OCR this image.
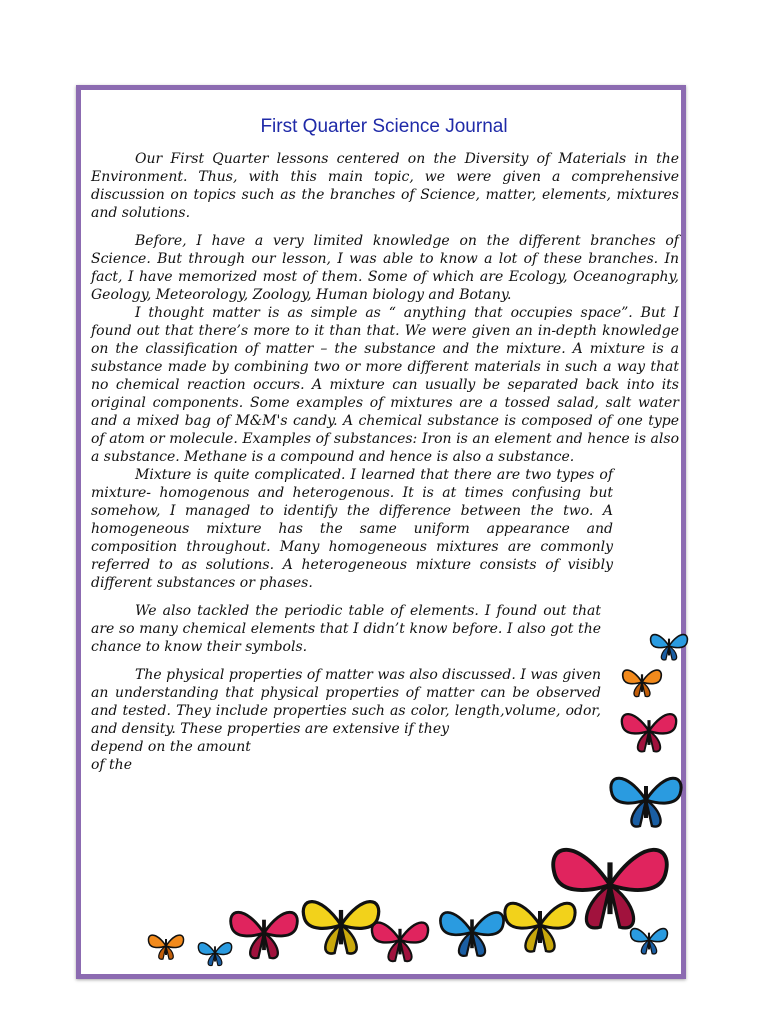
First Quarter Science Journal

Our First Quarter lessons centered on the Diversity of Materials in the Environment. Thus, with this main topic, we were given a comprehensive discussion on topics such as the branches of Science, matter, elements, mixtures and solutions.

Before, I have a very limited knowledge on the different branches of Science. But through our lesson, I was able to know a lot of these branches. In fact, I have memorized most of them. Some of which are Ecology, Oceanography, Geology, Meteorology, Zoology, Human biology and Botany.

I thought matter is as simple as “ anything that occupies space”. But I found out that there’s more to it than that. We were given an in-depth knowledge on the classification of matter – the substance and the mixture. A mixture is a substance made by combining two or more different materials in such a way that no chemical reaction occurs. A mixture can usually be separated back into its original components. Some examples of mixtures are a tossed salad, salt water and a mixed bag of M&M's candy. A chemical substance is composed of one type of atom or molecule. Examples of substances: Iron is an element and hence is also a substance. Methane is a compound and hence is also a substance.

Mixture is quite complicated. I learned that there are two types of mixture- homogenous and heterogenous. It is at times confusing but somehow, I managed to identify the difference between the two. A homogeneous mixture has the same uniform appearance and composition throughout. Many homogeneous mixtures are commonly referred to as solutions. A heterogeneous mixture consists of visibly different substances or phases.

We also tackled the periodic table of elements. I found out that are so many chemical elements that I didn’t know before. I also got the chance to know their symbols.

The physical properties of matter was also discussed. I was given an understanding that physical properties of matter can be observed and tested. They include properties such as color, length,volume, odor, and density. These properties are extensive if they

depend on the amount

of the
